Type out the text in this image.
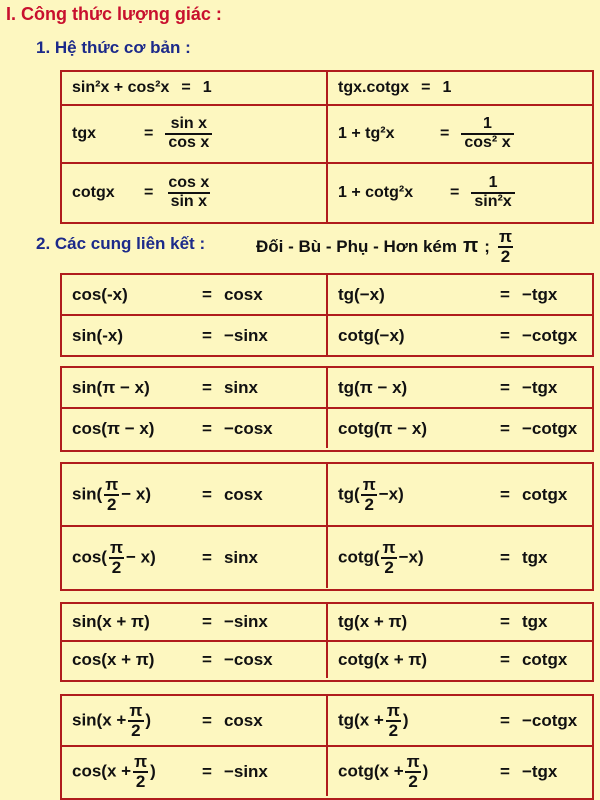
I. Công thức lượng giác :
1. Hệ thức cơ bản :
sin²x + cos²x = 1	tgx.cotgx = 1
tgx	= $\frac{\text{sin x}}{\text{cos x}}$	1 + tg²x	= $\frac{1}{\text{cos² x}}$
cotgx	= $\frac{\text{cos x}}{\text{sin x}}$	1 + cotg²x	= $\frac{1}{\text{sin²x}}$
2. Các cung liên kết :	Đối - Bù - Phụ - Hơn kém π ; $\frac{\pi}{2}$
cos(-x)	= cosx	tg(−x)	= −tgx
sin(-x)	= −sinx	cotg(−x)	= −cotgx
sin(π − x)	= sinx	tg(π − x)	= −tgx
cos(π − x)	= −cosx	cotg(π − x)	= −cotgx
$\sin( \frac{\pi}{2} - x)$	= cosx	$tg( \frac{\pi}{2} -x)$	= cotgx
$\cos( \frac{\pi}{2} - x)$	= sinx	$\cot g( \frac{\pi}{2} -x)$	= tgx
sin(x + π)	= −sinx	tg(x + π)	= tgx
cos(x + π)	= −cosx	cotg(x + π)	= cotgx
$\sin(x + \frac{\pi}{2}$ )	= cosx	$tg(x + \frac{\pi}{2}$ )	= −cotgx
$\cos(x + \frac{\pi}{2}$ )	= −sinx	$\cot g(x + \frac{\pi}{2}$ )	= −tgx
